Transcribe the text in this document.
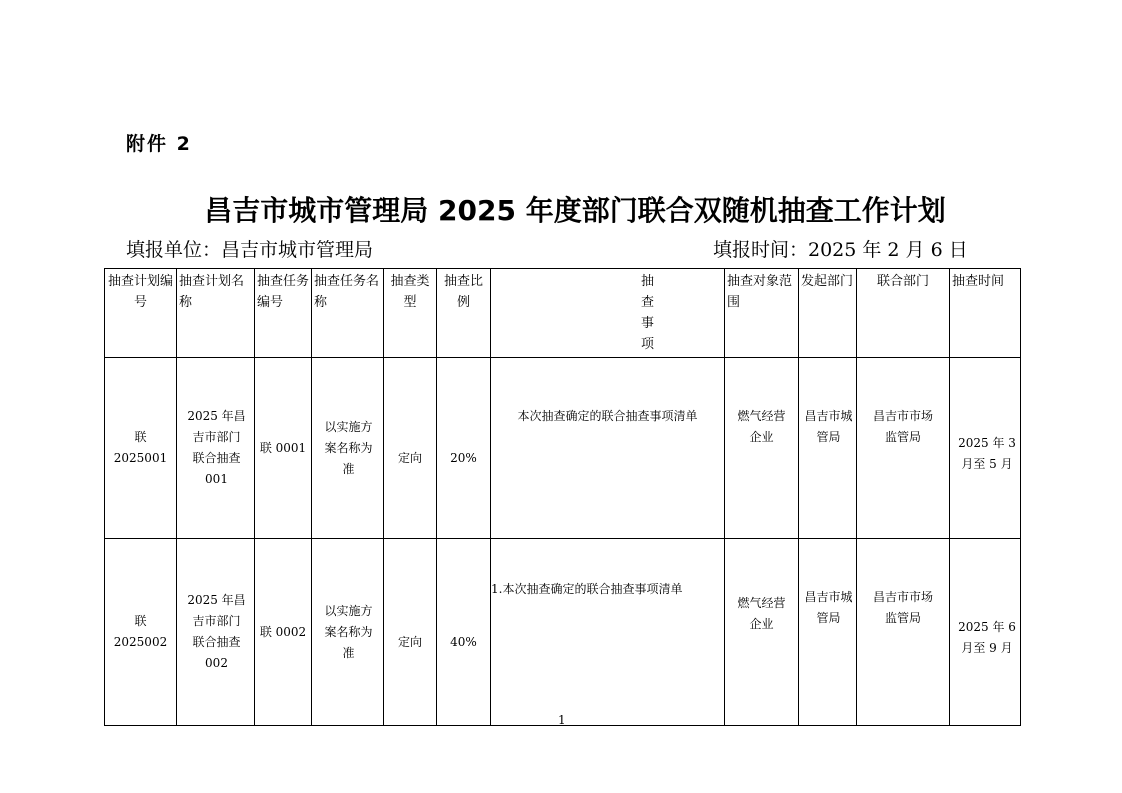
附件 2
昌吉市城市管理局 2025 年度部门联合双随机抽查工作计划
填报单位：昌吉市城市管理局	填报时间：2025 年 2 月 6 日
抽查计划编号	抽查计划名称	抽查任务编号	抽查任务名称	抽查类型	抽查比例	抽查事项	抽查对象范围	发起部门	联合部门	抽查时间
联 2025001	2025 年昌吉市部门联合抽查 001	联 0001	以实施方案名称为准	定向	20%	本次抽查确定的联合抽查事项清单	燃气经营企业	昌吉市城管局	昌吉市市场监管局	2025 年 3 月至 5 月
联 2025002	2025 年昌吉市部门联合抽查 002	联 0002	以实施方案名称为准	定向	40%	1.本次抽查确定的联合抽查事项清单	燃气经营企业	昌吉市城管局	昌吉市市场监管局	2025 年 6 月至 9 月
1
